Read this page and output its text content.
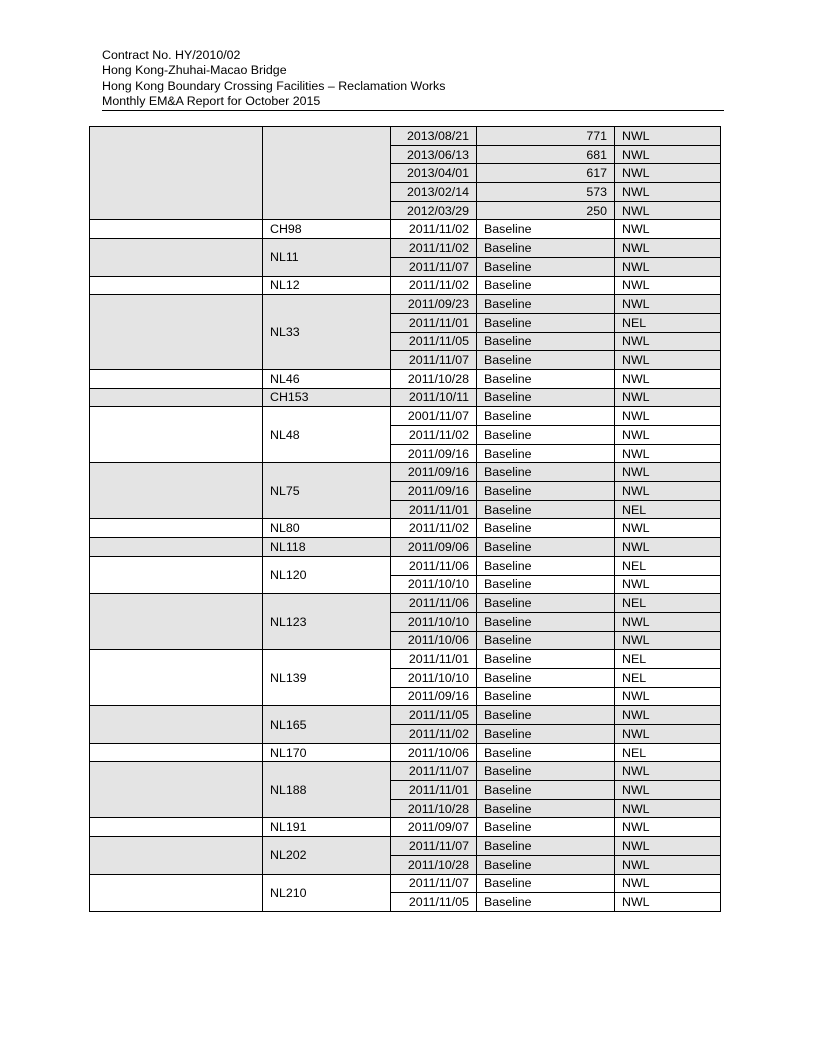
Contract No. HY/2010/02
Hong Kong-Zhuhai-Macao Bridge
Hong Kong Boundary Crossing Facilities – Reclamation Works
Monthly EM&A Report for October 2015
		2013/08/21	771	NWL
		2013/06/13	681	NWL
		2013/04/01	617	NWL
		2013/02/14	573	NWL
		2012/03/29	250	NWL
	CH98	2011/11/02	Baseline	NWL
	NL11	2011/11/02	Baseline	NWL
		2011/11/07	Baseline	NWL
	NL12	2011/11/02	Baseline	NWL
	NL33	2011/09/23	Baseline	NWL
		2011/11/01	Baseline	NEL
		2011/11/05	Baseline	NWL
		2011/11/07	Baseline	NWL
	NL46	2011/10/28	Baseline	NWL
	CH153	2011/10/11	Baseline	NWL
	NL48	2001/11/07	Baseline	NWL
		2011/11/02	Baseline	NWL
		2011/09/16	Baseline	NWL
	NL75	2011/09/16	Baseline	NWL
		2011/09/16	Baseline	NWL
		2011/11/01	Baseline	NEL
	NL80	2011/11/02	Baseline	NWL
	NL118	2011/09/06	Baseline	NWL
	NL120	2011/11/06	Baseline	NEL
		2011/10/10	Baseline	NWL
	NL123	2011/11/06	Baseline	NEL
		2011/10/10	Baseline	NWL
		2011/10/06	Baseline	NWL
	NL139	2011/11/01	Baseline	NEL
		2011/10/10	Baseline	NEL
		2011/09/16	Baseline	NWL
	NL165	2011/11/05	Baseline	NWL
		2011/11/02	Baseline	NWL
	NL170	2011/10/06	Baseline	NEL
	NL188	2011/11/07	Baseline	NWL
		2011/11/01	Baseline	NWL
		2011/10/28	Baseline	NWL
	NL191	2011/09/07	Baseline	NWL
	NL202	2011/11/07	Baseline	NWL
		2011/10/28	Baseline	NWL
	NL210	2011/11/07	Baseline	NWL
		2011/11/05	Baseline	NWL
